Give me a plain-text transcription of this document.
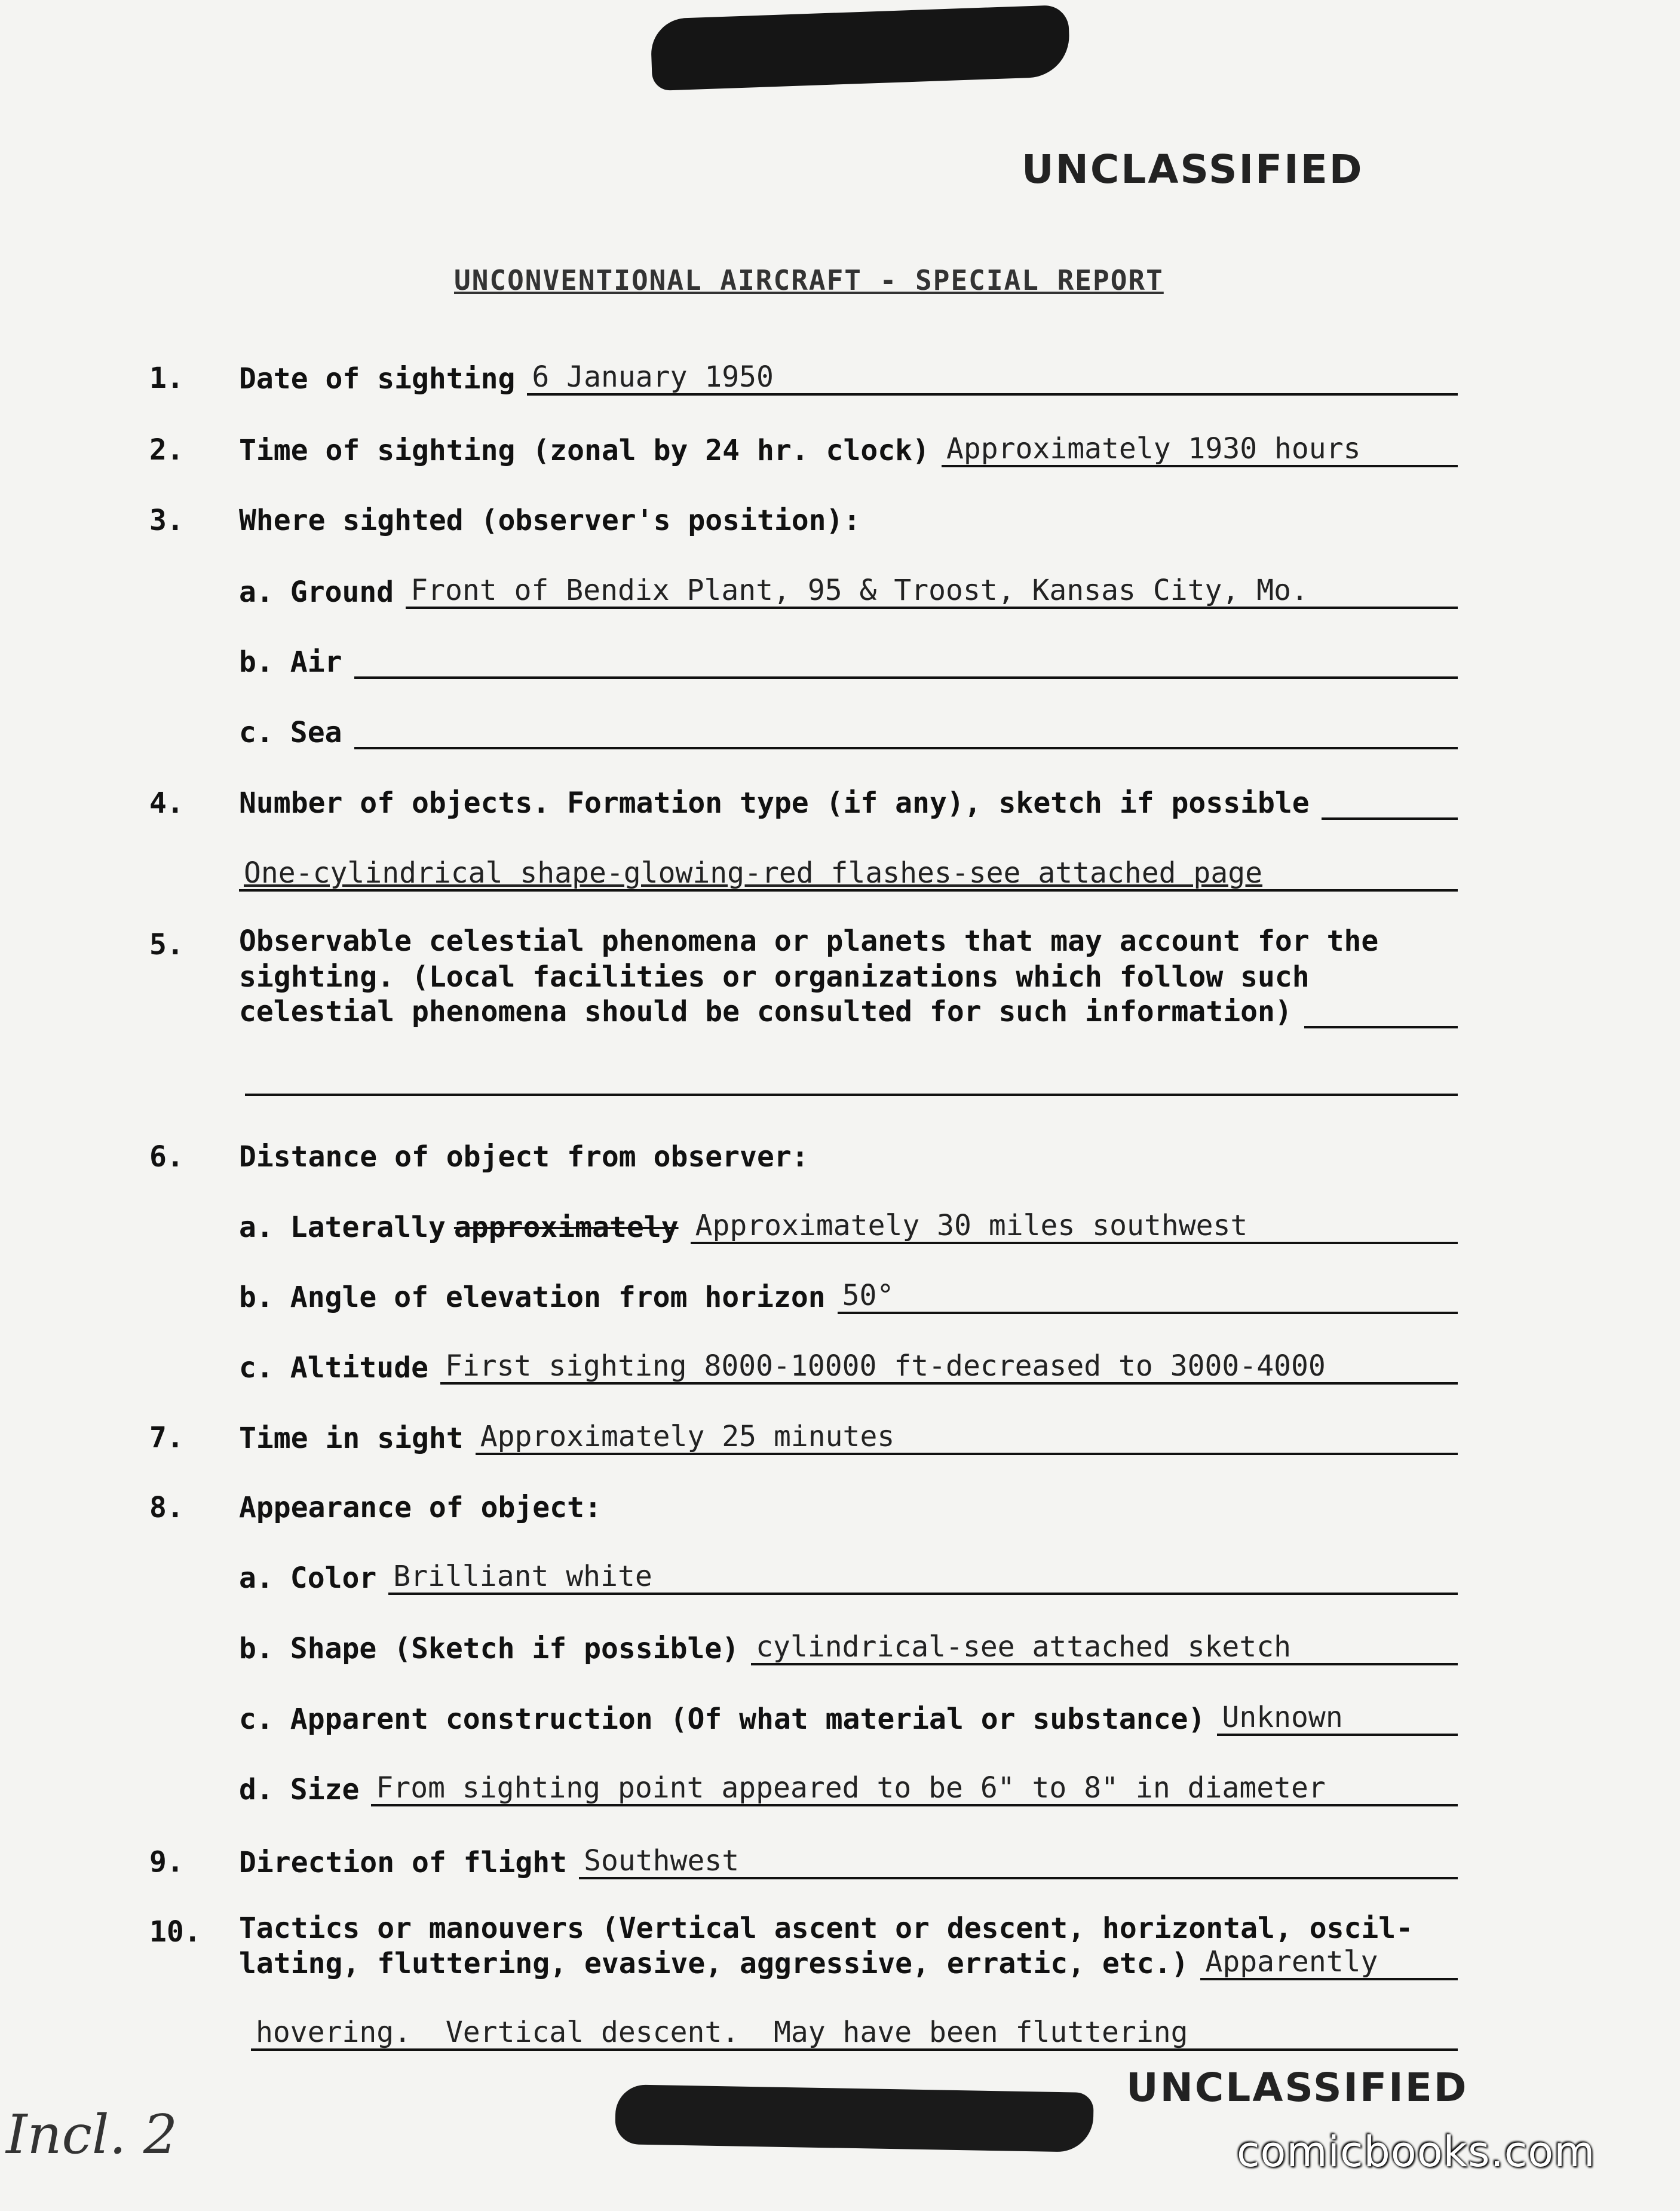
UNCLASSIFIED
UNCONVENTIONAL AIRCRAFT - SPECIAL REPORT
1. Date of sighting 6 January 1950
2. Time of sighting (zonal by 24 hr. clock) Approximately 1930 hours
3. Where sighted (observer's position):
a. Ground Front of Bendix Plant, 95 & Troost, Kansas City, Mo.
b. Air
c. Sea
4. Number of objects. Formation type (if any), sketch if possible
One-cylindrical shape-glowing-red flashes-see attached page
5. Observable celestial phenomena or planets that may account for the
sighting. (Local facilities or organizations which follow such
celestial phenomena should be consulted for such information)
6. Distance of object from observer:
a. Laterally approximately Approximately 30 miles southwest
b. Angle of elevation from horizon 50°
c. Altitude First sighting 8000-10000 ft-decreased to 3000-4000
7. Time in sight Approximately 25 minutes
8. Appearance of object:
a. Color Brilliant white
b. Shape (Sketch if possible) cylindrical-see attached sketch
c. Apparent construction (Of what material or substance) Unknown
d. Size From sighting point appeared to be 6" to 8" in diameter
9. Direction of flight Southwest
10. Tactics or manouvers (Vertical ascent or descent, horizontal, oscil-
lating, fluttering, evasive, aggressive, erratic, etc.) Apparently
hovering.  Vertical descent.  May have been fluttering
UNCLASSIFIED
Incl. 2	comicbooks.com
